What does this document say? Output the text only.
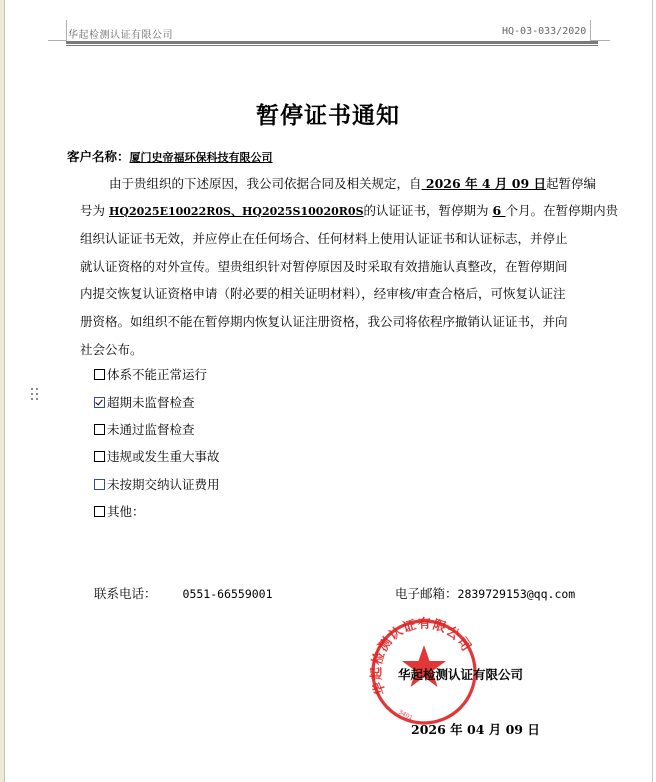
华起检测认证有限公司	HQ-03-033/2020
暂停证书通知
客户名称：厦门史帝福环保科技有限公司
由于贵组织的下述原因，我公司依据合同及相关规定，自 2026 年 4 月 09 日起暂停编
号为 HQ2025E10022R0S、HQ2025S10020R0S的认证证书，暂停期为 6 个月。在暂停期内贵
组织认证证书无效，并应停止在任何场合、任何材料上使用认证证书和认证标志，并停止
就认证资格的对外宣传。望贵组织针对暂停原因及时采取有效措施认真整改，在暂停期间
内提交恢复认证资格申请（附必要的相关证明材料），经审核/审查合格后，可恢复认证注
册资格。如组织不能在暂停期内恢复认证注册资格，我公司将依程序撤销认证证书，并向
社会公布。
体系不能正常运行
超期未监督检查
未通过监督检查
违规或发生重大事故
未按期交纳认证费用
其他：
联系电话： 0551-66559001	电子邮箱：2839729153@qq.com
华起检测认证有限公司
3401
华起检测认证有限公司
2026 年 04 月 09 日
